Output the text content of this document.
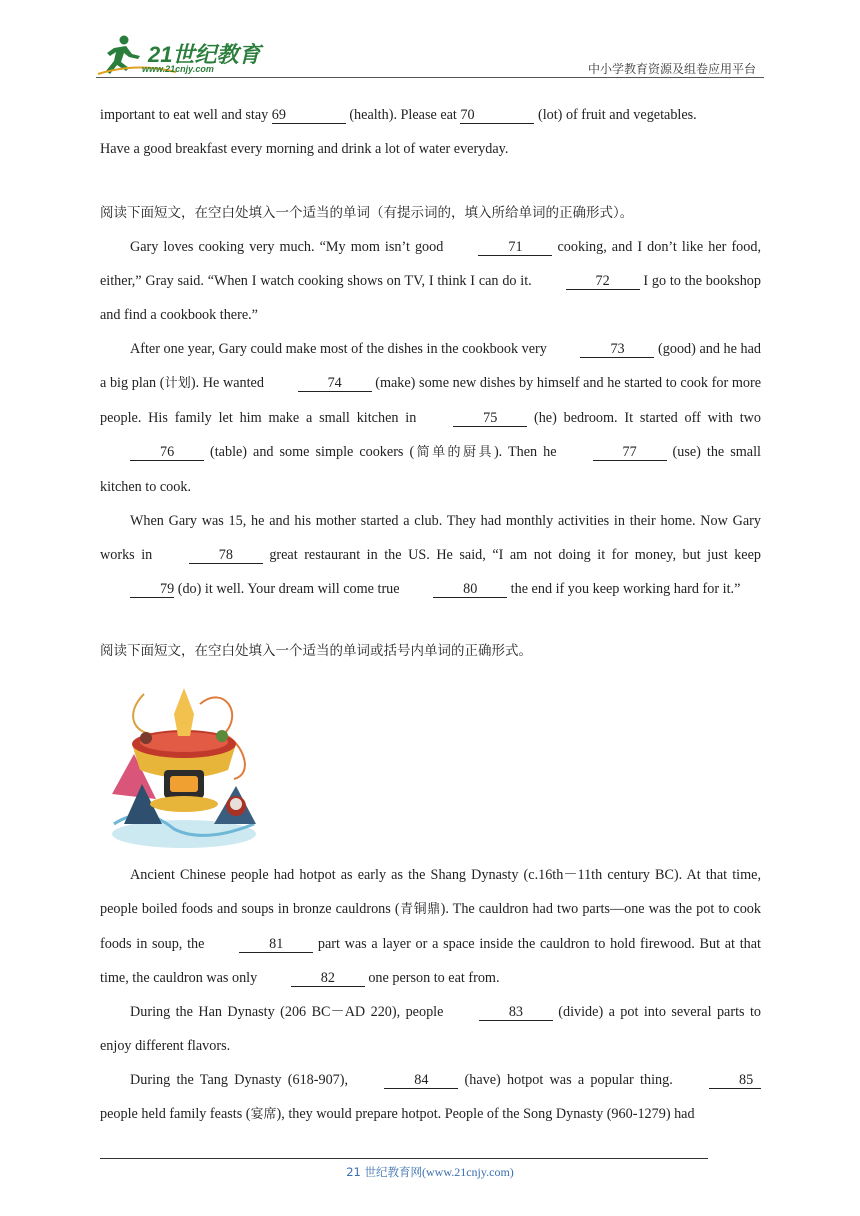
21世纪教育
www.21cnjy.com	中小学教育资源及组卷应用平台

important to eat well and stay 69	(health). Please eat 70	(lot) of fruit and vegetables.
Have a good breakfast every morning and drink a lot of water everyday.

阅读下面短文，在空白处填入一个适当的单词（有提示词的，填入所给单词的正确形式）。

Gary loves cooking very much. “My mom isn’t good	71 cooking, and I don’t like her food, either,” Gray said. “When I watch cooking shows on TV, I think I can do it.	72 I go to the bookshop and find a cookbook there.”

After one year, Gary could make most of the dishes in the cookbook very	73 (good) and he had a big plan (计划). He wanted	74 (make) some new dishes by himself and he started to cook for more people. His family let him make a small kitchen in	75 (he) bedroom. It started off with two 76 (table) and some simple cookers (简单的厨具). Then he	77 (use) the small kitchen to cook.

When Gary was 15, he and his mother started a club. They had monthly activities in their home. Now Gary works in	78 great restaurant in the US. He said, “I am not doing it for money, but just keep 79 (do) it well. Your dream will come true	80 the end if you keep working hard for it.”

阅读下面短文，在空白处填入一个适当的单词或括号内单词的正确形式。

Ancient Chinese people had hotpot as early as the Shang Dynasty (c.16th－11th century BC). At that time, people boiled foods and soups in bronze cauldrons (青铜鼎). The cauldron had two parts—one was the pot to cook foods in soup, the	81 part was a layer or a space inside the cauldron to hold firewood. But at that time, the cauldron was only	82 one person to eat from.

During the Han Dynasty (206 BC－AD 220), people	83 (divide) a pot into several parts to enjoy different flavors.

During the Tang Dynasty (618-907),	84 (have) hotpot was a popular thing.	85 people held family feasts (宴席), they would prepare hotpot. People of the Song Dynasty (960-1279) had

21 世纪教育网(www.21cnjy.com)
